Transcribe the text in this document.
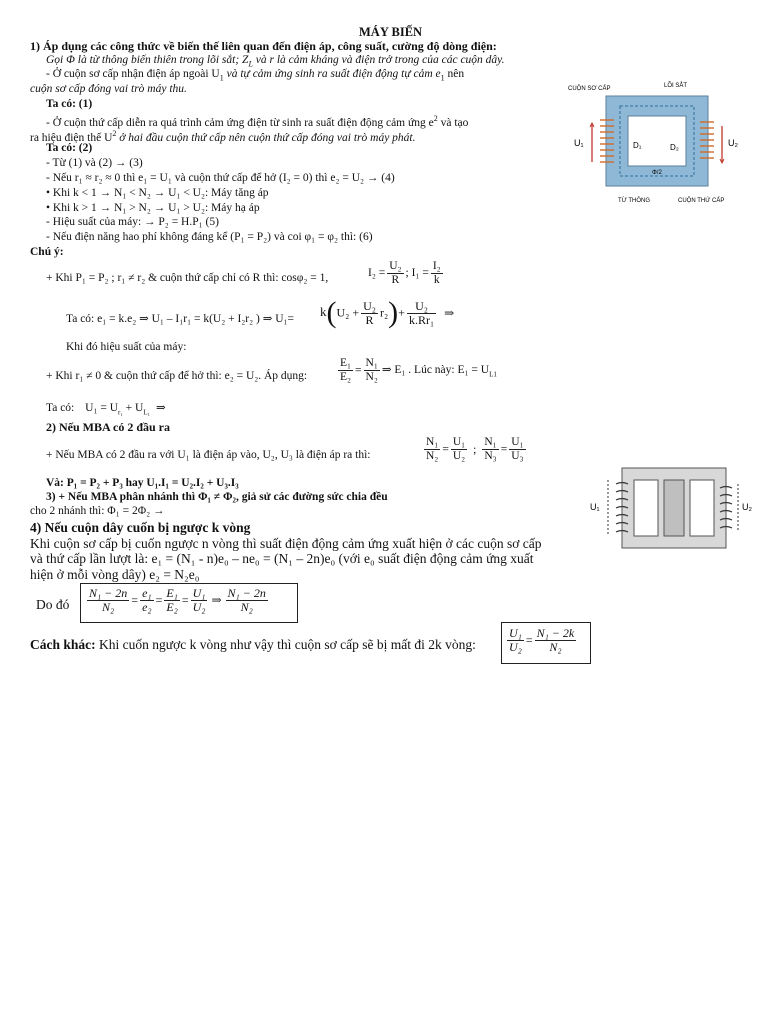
MÁY BIẾN
1) Áp dụng các công thức về biến thế liên quan đến điện áp, công suất, cường độ dòng điện:
Gọi Φ là từ thông biến thiên trong lõi sắt; $Z_L$ và r là cảm kháng và điện trở trong của các cuộn dây.
- Ở cuộn sơ cấp nhận điện áp ngoài $U_1$ và tự cảm ứng sinh ra suất điện động tự cảm $e_1$ nên
cuộn sơ cấp đóng vai trò máy thu.
Ta có: (1)
- Ở cuộn thứ cấp diễn ra quá trình cảm ứng điện từ sinh ra suất điện động cảm ứng $e^2$ và tạo
ra hiệu điện thế $U^2$ ở hai đầu cuộn thứ cấp nên cuộn thứ cấp đóng vai trò máy phát.
Ta có: (2)
- Từ (1) và (2) → (3)
- Nếu r₁ ≈ r₂ ≈ 0 thì e₁ = U₁ và cuộn thứ cấp để hở (I₂ = 0) thì e₂ = U₂ → (4)
• Khi k < 1 → N₁ < N₂ → U₁ < U₂: Máy tăng áp
• Khi k > 1 → N₁ > N₂ → U₁ > U₂: Máy hạ áp
- Hiệu suất của máy: → P₂ = H.P₁ (5)
- Nếu điện năng hao phí không đáng kể (P₁ = P₂) và coi φ₁ = φ₂ thì: (6)
Chú ý:
+ Khi P₁ = P₂ ; r₁ ≠ r₂ & cuộn thứ cấp chỉ có R thì: cosφ₂ = 1,	$I_2 = \frac{\text{U₂}}{R}$ ; $I_1 = \frac{\text{I₂}}{k}$
Ta có: e₁ = k.e₂ ⇒ U₁ – I₁r₁ = k(U₂ + I₂r₂ ) ⇒ U₁=
$k(U_2 + \frac{\text{U₂}}{R} r_2)+ \frac{\text{U₂}}{\text{k.Rr₁}}$ ⇒
Khi đó hiệu suất của máy:
+ Khi r₁ ≠ 0 & cuộn thứ cấp để hở thì: e₂ = U₂. Áp dụng:	$\frac{\text{E₁}}{\text{E₂}} = \frac{\text{N₁}}{\text{N₂}}$ ⇒ E₁ . Lúc này: $E_1 = U_{L1}$
Ta có: $U_1 = U_{r_1} + U_{L_1}$ ⇒
2) Nếu MBA có 2 đầu ra
+ Nếu MBA có 2 đầu ra với U₁ là điện áp vào, U₂, U₃ là điện áp ra thì:	$\frac{\text{N₁}}{\text{N₂}} = \frac{\text{U₁}}{\text{U₂}}$ ; $\frac{\text{N₁}}{\text{N₃}} = \frac{\text{U₁}}{\text{U₃}}$
Và: P₁ = P₂ + P₃ hay U₁.I₁ = U₂.I₂ + U₃.I₃
3) + Nếu MBA phân nhánh thì Φ₁ ≠ Φ₂, giả sử các đường sức chia đều
cho 2 nhánh thì: Φ₁ = 2Φ₂ →
4) Nếu cuộn dây cuốn bị ngược k vòng
Khi cuộn sơ cấp bị cuốn ngược n vòng thì suất điện động cảm ứng xuất hiện ở các cuộn sơ cấp
và thứ cấp lần lượt là: e₁ = (N₁ - n)e₀ – ne₀ = (N₁ – 2n)e₀ (với e₀ suất điện động cảm ứng xuất
hiện ở mỗi vòng dây) e₂ = N₂e₀
Do đó $\frac{\text{N₁ − 2n}}{\text{N₂}} = \frac{\text{e₁}}{\text{e₂}} = \frac{\text{E₁}}{\text{E₂}} = \frac{\text{U₁}}{\text{U₂}}$ ⇒ $\frac{\text{N₁ − 2n}}{\text{N₂}}$
Cách khác: Khi cuốn ngược k vòng như vậy thì cuộn sơ cấp sẽ bị mất đi 2k vòng:	$\frac{\text{U₁}}{\text{U₂}} = \frac{\text{N₁ − 2k}}{\text{N₂}}$
U₁	U₂
D₁	D₂
Φ/2
CUỘN SƠ CẤP	LÕI SẮT
TỪ THÔNG	CUỘN THỨ CẤP
U₁	U₂
